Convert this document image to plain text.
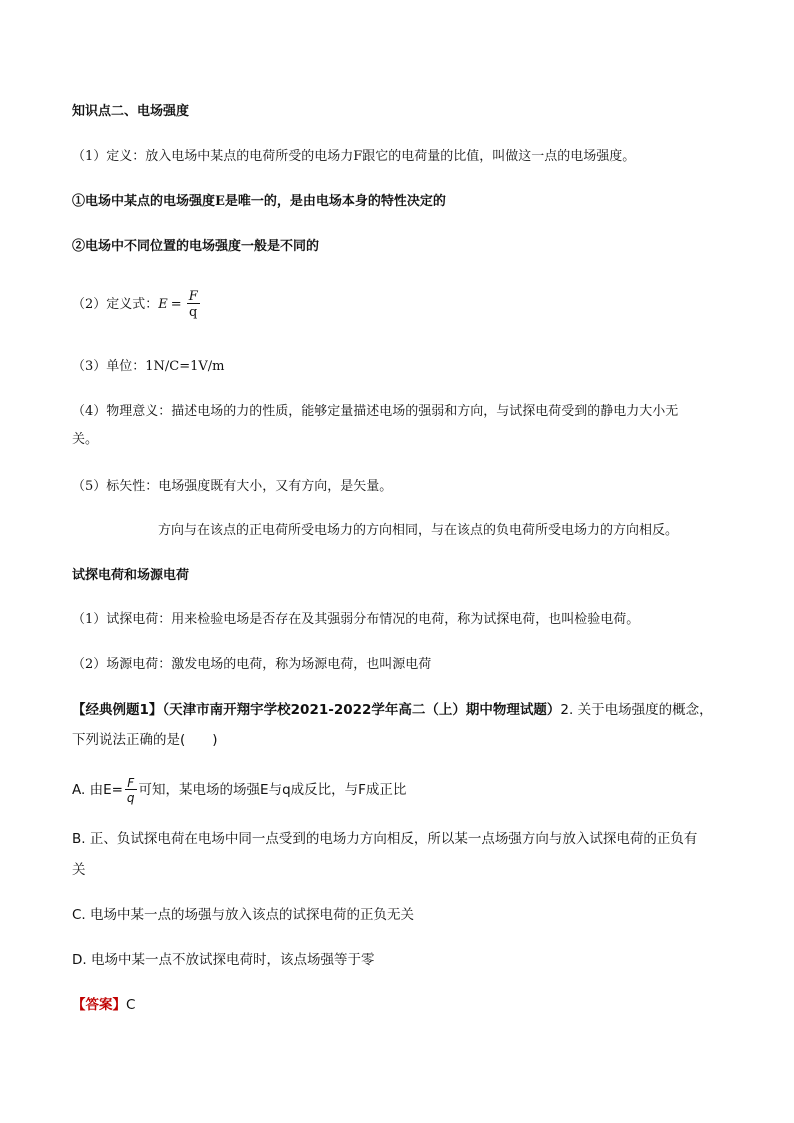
知识点二、电场强度
（1）定义：放入电场中某点的电荷所受的电场力F跟它的电荷量的比值，叫做这一点的电场强度。
①电场中某点的电场强度E是唯一的，是由电场本身的特性决定的
②电场中不同位置的电场强度一般是不同的
（2）定义式：$E = \frac{F}{q}$
（3）单位：1N/C=1V/m
（4）物理意义：描述电场的力的性质，能够定量描述电场的强弱和方向，与试探电荷受到的静电力大小无
关。
（5）标矢性：电场强度既有大小，又有方向，是矢量。
方向与在该点的正电荷所受电场力的方向相同，与在该点的负电荷所受电场力的方向相反。
试探电荷和场源电荷
（1）试探电荷：用来检验电场是否存在及其强弱分布情况的电荷，称为试探电荷，也叫检验电荷。
（2）场源电荷：激发电场的电荷，称为场源电荷，也叫源电荷
【经典例题1】（天津市南开翔宇学校2021-2022学年高二（上）期中物理试题）2. 关于电场强度的概念，
下列说法正确的是(　　)
A. 由$E= \frac{F}{q}$ 可知，某电场的场强E与q成反比，与F成正比
B. 正、负试探电荷在电场中同一点受到的电场力方向相反，所以某一点场强方向与放入试探电荷的正负有
关
C. 电场中某一点的场强与放入该点的试探电荷的正负无关
D. 电场中某一点不放试探电荷时，该点场强等于零
【答案】C
